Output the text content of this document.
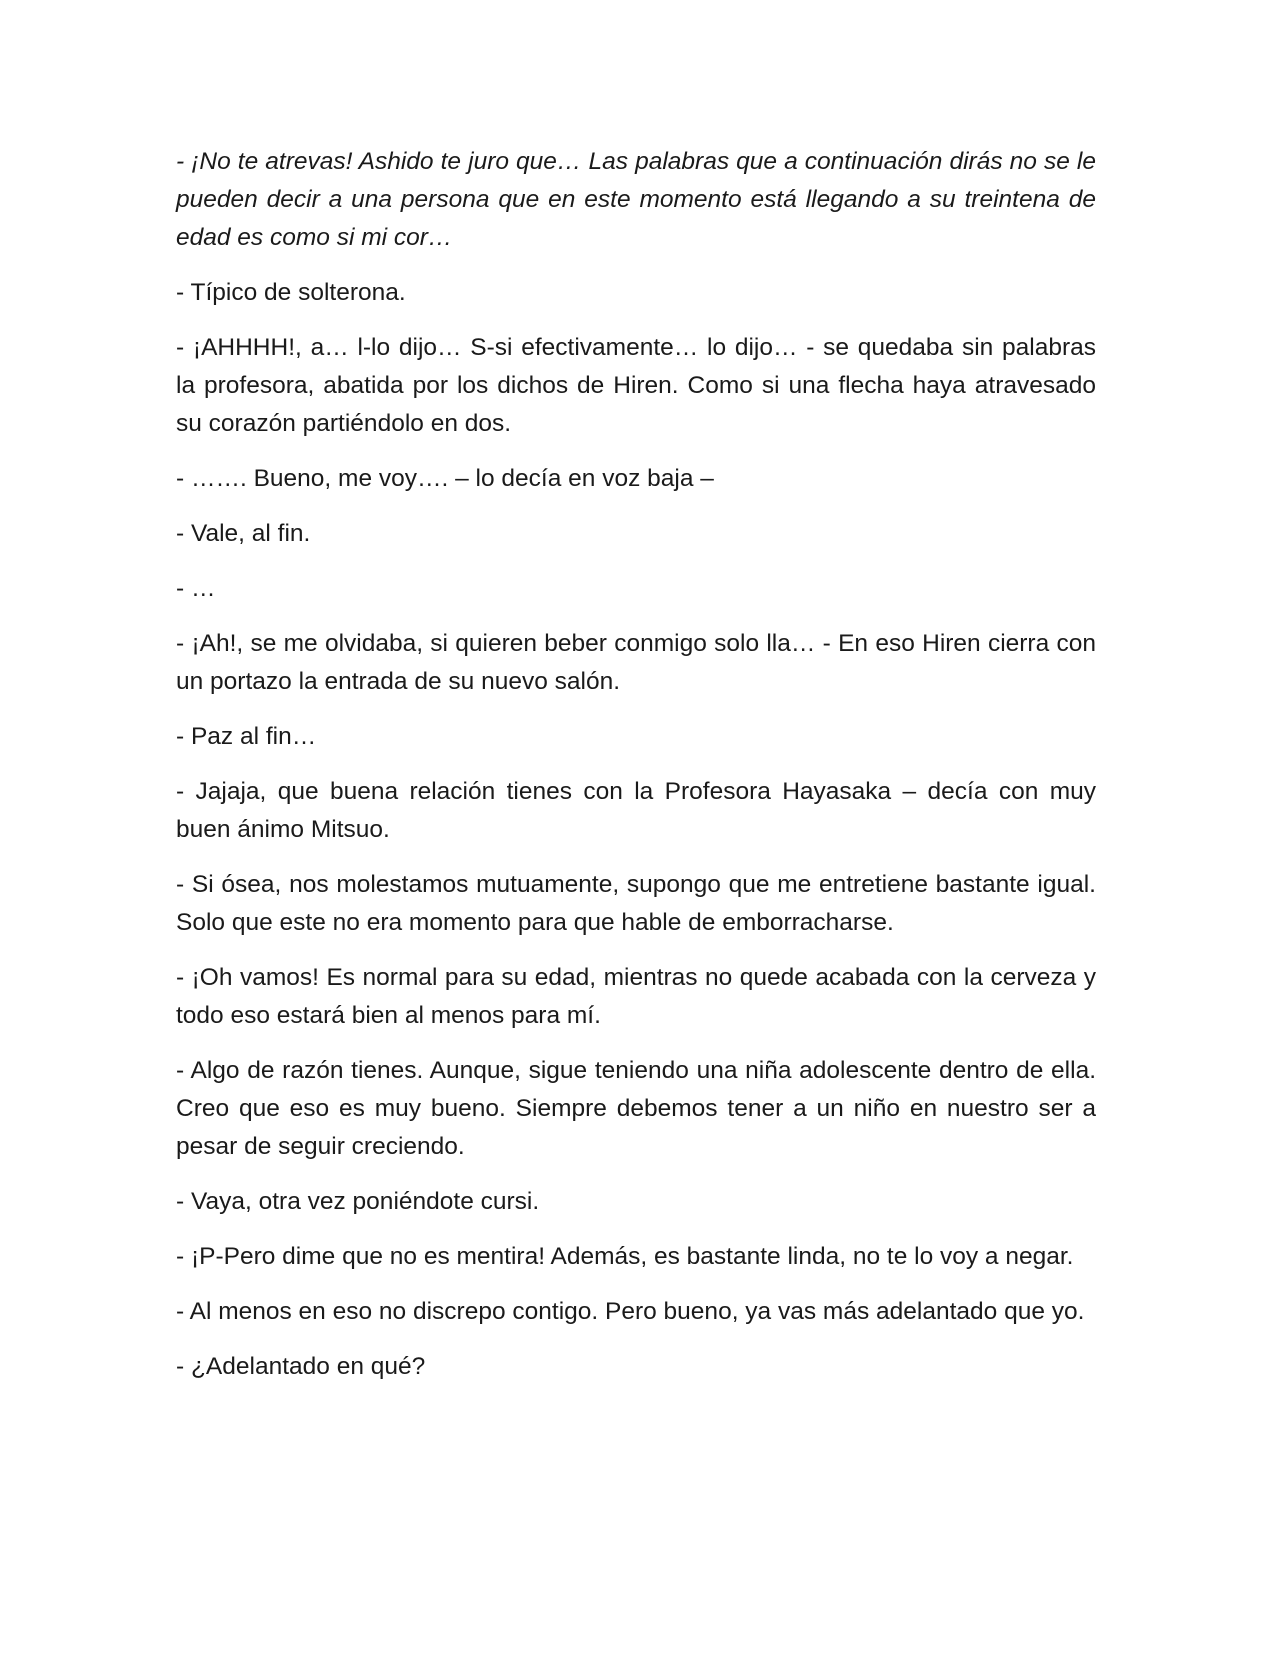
- ¡No te atrevas! Ashido te juro que… Las palabras que a continuación dirás no se le pueden decir a una persona que en este momento está llegando a su treintena de edad es como si mi cor…

- Típico de solterona.

- ¡AHHHH!, a… l-lo dijo… S-si efectivamente… lo dijo… - se quedaba sin palabras la profesora, abatida por los dichos de Hiren. Como si una flecha haya atravesado su corazón partiéndolo en dos.

- ……. Bueno, me voy…. – lo decía en voz baja –

- Vale, al fin.

- …

- ¡Ah!, se me olvidaba, si quieren beber conmigo solo lla… - En eso Hiren cierra con un portazo la entrada de su nuevo salón.

- Paz al fin…

- Jajaja, que buena relación tienes con la Profesora Hayasaka – decía con muy buen ánimo Mitsuo.

- Si ósea, nos molestamos mutuamente, supongo que me entretiene bastante igual. Solo que este no era momento para que hable de emborracharse.

- ¡Oh vamos! Es normal para su edad, mientras no quede acabada con la cerveza y todo eso estará bien al menos para mí.

- Algo de razón tienes. Aunque, sigue teniendo una niña adolescente dentro de ella. Creo que eso es muy bueno. Siempre debemos tener a un niño en nuestro ser a pesar de seguir creciendo.

- Vaya, otra vez poniéndote cursi.

- ¡P-Pero dime que no es mentira! Además, es bastante linda, no te lo voy a negar.

- Al menos en eso no discrepo contigo. Pero bueno, ya vas más adelantado que yo.

- ¿Adelantado en qué?
